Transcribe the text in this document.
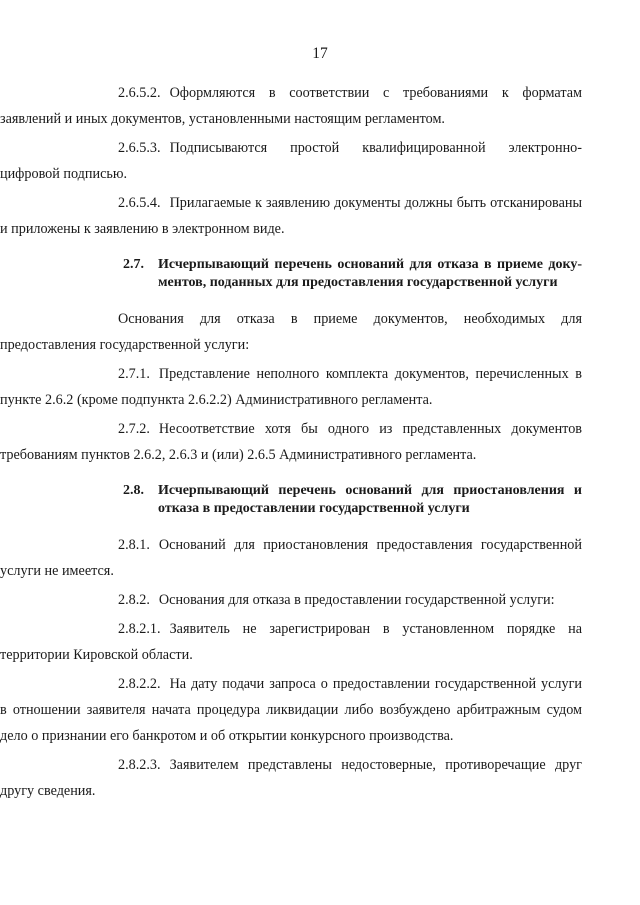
17

2.6.5.2. Оформляются в соответствии с требованиями к форматам заявлений и иных документов, установленными настоящим регламентом.

2.6.5.3. Подписываются простой квалифицированной электронно-цифровой подписью.

2.6.5.4. Прилагаемые к заявлению документы должны быть отсканированы и приложены к заявлению в электронном виде.

2.7.	Исчерпывающий перечень оснований для отказа в приеме доку-
ментов, поданных для предоставления государственной услуги

Основания для отказа в приеме документов, необходимых для предоставления государственной услуги:

2.7.1. Представление неполного комплекта документов, перечисленных в пункте 2.6.2 (кроме подпункта 2.6.2.2) Административного регламента.

2.7.2. Несоответствие хотя бы одного из представленных документов требованиям пунктов 2.6.2, 2.6.3 и (или) 2.6.5 Административного регламента.

2.8.	Исчерпывающий перечень оснований для приостановления и
отказа в предоставлении государственной услуги

2.8.1. Оснований для приостановления предоставления государственной услуги не имеется.

2.8.2. Основания для отказа в предоставлении государственной услуги:

2.8.2.1. Заявитель не зарегистрирован в установленном порядке на территории Кировской области.

2.8.2.2. На дату подачи запроса о предоставлении государственной услуги в отношении заявителя начата процедура ликвидации либо возбуждено арбитражным судом дело о признании его банкротом и об открытии конкурсного производства.

2.8.2.3. Заявителем представлены недостоверные, противоречащие друг другу сведения.
